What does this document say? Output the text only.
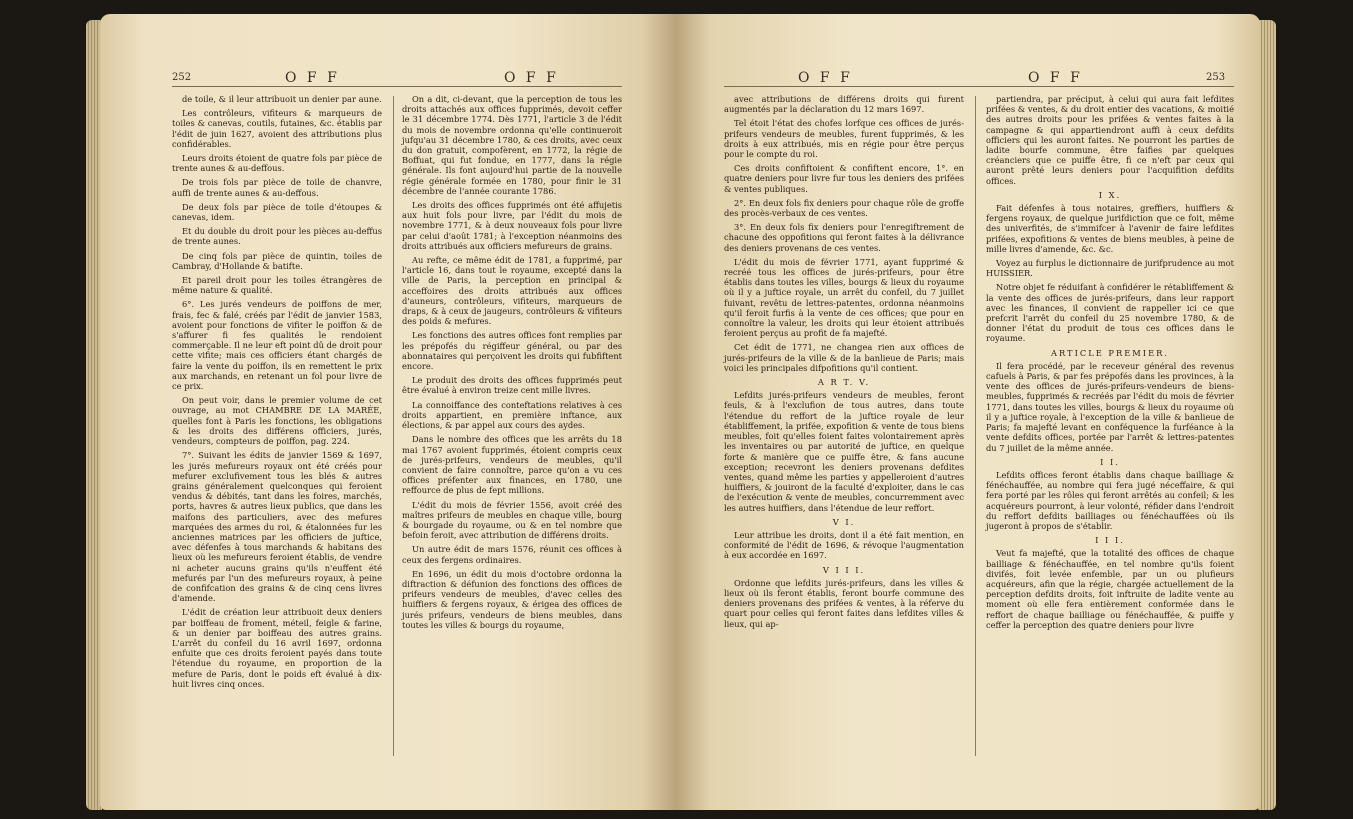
252	O F F	O F F

de toile, & il leur attribuoit un denier par aune.

Les contrôleurs, vifiteurs & marqueurs de toiles & canevas, coutils, futaines, &c. établis par l'édit de juin 1627, avoient des attributions plus confidérables.

Leurs droits étoient de quatre fols par pièce de trente aunes & au-deffous.

De trois fols par pièce de toile de chanvre, auffi de trente aunes & au-deffous.

De deux fols par pièce de toile d'étoupes & canevas, idem.

Et du double du droit pour les pièces au-deffus de trente aunes.

De cinq fols par pièce de quintin, toiles de Cambray, d'Hollande & batifte.

Et pareil droit pour les toiles étrangères de même nature & qualité.

6°. Les jurés vendeurs de poiffons de mer, frais, fec & falé, créés par l'édit de janvier 1583, avoient pour fonctions de vifiter le poiffon & de s'affurer fi fes qualités le rendoient commerçable. Il ne leur eft point dû de droit pour cette vifite; mais ces officiers étant chargés de faire la vente du poiffon, ils en remettent le prix aux marchands, en retenant un fol pour livre de ce prix.

On peut voir, dans le premier volume de cet ouvrage, au mot CHAMBRE DE LA MARÉE, quelles font à Paris les fonctions, les obligations & les droits des différens officiers, jurés, vendeurs, compteurs de poiffon, pag. 224.

7°. Suivant les édits de janvier 1569 & 1697, les jurés mefureurs royaux ont été créés pour mefurer exclufivement tous les blés & autres grains généralement quelconques qui feroient vendus & débités, tant dans les foires, marchés, ports, havres & autres lieux publics, que dans les maifons des particuliers, avec des mefures marquées des armes du roi, & étalonnées fur les anciennes matrices par les officiers de juftice, avec défenfes à tous marchands & habitans des lieux où les mefureurs feroient établis, de vendre ni acheter aucuns grains qu'ils n'euffent été mefurés par l'un des mefureurs royaux, à peine de confifcation des grains & de cinq cens livres d'amende.

L'édit de création leur attribuoit deux deniers par boiffeau de froment, méteil, feigle & farine, & un denier par boiffeau des autres grains. L'arrêt du confeil du 16 avril 1697, ordonna enfuite que ces droits feroient payés dans toute l'étendue du royaume, en proportion de la mefure de Paris, dont le poids eft évalué à dix-huit livres cinq onces.

On a dit, ci-devant, que la perception de tous les droits attachés aux offices fupprimés, devoit ceffer le 31 décembre 1774. Dès 1771, l'article 3 de l'édit du mois de novembre ordonna qu'elle continueroit jufqu'au 31 décembre 1780, & ces droits, avec ceux du don gratuit, compofèrent, en 1772, la régie de Boffuat, qui fut fondue, en 1777, dans la régie générale. Ils font aujourd'hui partie de la nouvelle régie générale formée en 1780, pour finir le 31 décembre de l'année courante 1786.

Les droits des offices fupprimés ont été affujetis aux huit fols pour livre, par l'édit du mois de novembre 1771, & à deux nouveaux fols pour livre par celui d'août 1781; à l'exception néanmoins des droits attribués aux officiers mefureurs de grains.

Au refte, ce même édit de 1781, a fupprimé, par l'article 16, dans tout le royaume, excepté dans la ville de Paris, la perception en principal & acceffoires des droits attribués aux offices d'auneurs, contrôleurs, vifiteurs, marqueurs de draps, & à ceux de jaugeurs, contrôleurs & vifiteurs des poids & mefures.

Les fonctions des autres offices font remplies par les prépofés du régiffeur général, ou par des abonnataires qui perçoivent les droits qui fubfiftent encore.

Le produit des droits des offices fupprimés peut être évalué à environ treize cent mille livres.

La connoiffance des conteftations relatives à ces droits appartient, en première inftance, aux élections, & par appel aux cours des aydes.

Dans le nombre des offices que les arrêts du 18 mai 1767 avoient fupprimés, étoient compris ceux de jurés-prifeurs, vendeurs de meubles, qu'il convient de faire connoître, parce qu'on a vu ces offices préfenter aux finances, en 1780, une reffource de plus de fept millions.

L'édit du mois de février 1556, avoit créé des maîtres prifeurs de meubles en chaque ville, bourg & bourgade du royaume, ou & en tel nombre que befoin feroit, avec attribution de différens droits.

Un autre édit de mars 1576, réunit ces offices à ceux des fergens ordinaires.

En 1696, un édit du mois d'octobre ordonna la diftraction & défunion des fonctions des offices de prifeurs vendeurs de meubles, d'avec celles des huiffiers & fergens royaux, & érigea des offices de jurés prifeurs, vendeurs de biens meubles, dans toutes les villes & bourgs du royaume,

O F F	O F F	253

avec attributions de différens droits qui furent augmentés par la déclaration du 12 mars 1697.

Tel étoit l'état des chofes lorfque ces offices de jurés-prifeurs vendeurs de meubles, furent fupprimés, & les droits à eux attribués, mis en régie pour être perçus pour le compte du roi.

Ces droits confiftoient & confiftent encore, 1°. en quatre deniers pour livre fur tous les deniers des prifées & ventes publiques.

2°. En deux fols fix deniers pour chaque rôle de groffe des procès-verbaux de ces ventes.

3°. En deux fols fix deniers pour l'enregiftrement de chacune des oppofitions qui feront faites à la délivrance des deniers provenans de ces ventes.

L'édit du mois de février 1771, ayant fupprimé & recréé tous les offices de jurés-prifeurs, pour être établis dans toutes les villes, bourgs & lieux du royaume où il y a juftice royale, un arrêt du confeil, du 7 juillet fuivant, revêtu de lettres-patentes, ordonna néanmoins qu'il feroit furfis à la vente de ces offices; que pour en connoître la valeur, les droits qui leur étoient attribués feroient perçus au profit de fa majefté.

Cet édit de 1771, ne changea rien aux offices de jurés-prifeurs de la ville & de la banlieue de Paris; mais voici les principales difpofitions qu'il contient.

A R T. V.

Lefdits jurés-prifeurs vendeurs de meubles, feront feuls, & à l'exclufion de tous autres, dans toute l'étendue du reffort de la juftice royale de leur établiffement, la prifée, expofition & vente de tous biens meubles, foit qu'elles foient faites volontairement après les inventaires ou par autorité de juftice, en quelque forte & manière que ce puiffe être, & fans aucune exception; recevront les deniers provenans defdites ventes, quand même les parties y appelleroient d'autres huiffiers, & jouiront de la faculté d'exploiter, dans le cas de l'exécution & vente de meubles, concurremment avec les autres huiffiers, dans l'étendue de leur reffort.

V I.

Leur attribue les droits, dont il a été fait mention, en conformité de l'édit de 1696, & révoque l'augmentation à eux accordée en 1697.

V I I I.

Ordonne que lefdits jurés-prifeurs, dans les villes & lieux où ils feront établis, feront bourfe commune des deniers provenans des prifées & ventes, à la réferve du quart pour celles qui feront faites dans lefdites villes & lieux, qui ap-

partiendra, par préciput, à celui qui aura fait lefdites prifées & ventes, & du droit entier des vacations, & moitié des autres droits pour les prifées & ventes faites à la campagne & qui appartiendront auffi à ceux defdits officiers qui les auront faites. Ne pourront les parties de ladite bourfe commune, être faifies par quelques créanciers que ce puiffe être, fi ce n'eft par ceux qui auront prêté leurs deniers pour l'acquifition defdits offices.

I X.

Fait défenfes à tous notaires, greffiers, huiffiers & fergens royaux, de quelque jurifdiction que ce foit, même des univerfités, de s'immifcer à l'avenir de faire lefdites prifées, expofitions & ventes de biens meubles, à peine de mille livres d'amende, &c. &c.

Voyez au furplus le dictionnaire de jurifprudence au mot HUISSIER.

Notre objet fe réduifant à confidérer le rétabliffement & la vente des offices de jurés-prifeurs, dans leur rapport avec les finances, il convient de rappeller ici ce que prefcrit l'arrêt du confeil du 25 novembre 1780, & de donner l'état du produit de tous ces offices dans le royaume.

ARTICLE PREMIER.

Il fera procédé, par le receveur général des revenus cafuels à Paris, & par fes prépofés dans les provinces, à la vente des offices de jurés-prifeurs-vendeurs de biens-meubles, fupprimés & recréés par l'édit du mois de février 1771, dans toutes les villes, bourgs & lieux du royaume où il y a juftice royale, à l'exception de la ville & banlieue de Paris; fa majefté levant en conféquence la furféance à la vente defdits offices, portée par l'arrêt & lettres-patentes du 7 juillet de la même année.

I I.

Lefdits offices feront établis dans chaque bailliage & fénéchauffée, au nombre qui fera jugé néceffaire, & qui fera porté par les rôles qui feront arrêtés au confeil; & les acquéreurs pourront, à leur volonté, réfider dans l'endroit du reffort defdits bailliages ou fénéchauffées où ils jugeront à propos de s'établir.

I I I.

Veut fa majefté, que la totalité des offices de chaque bailliage & fénéchauffée, en tel nombre qu'ils foient divifés, foit levée enfemble, par un ou plufieurs acquéreurs, afin que la régie, chargée actuellement de la perception defdits droits, foit inftruite de ladite vente au moment où elle fera entièrement conformée dans le reffort de chaque bailliage ou fénéchauffée, & puiffe y ceffer la perception des quatre deniers pour livre
